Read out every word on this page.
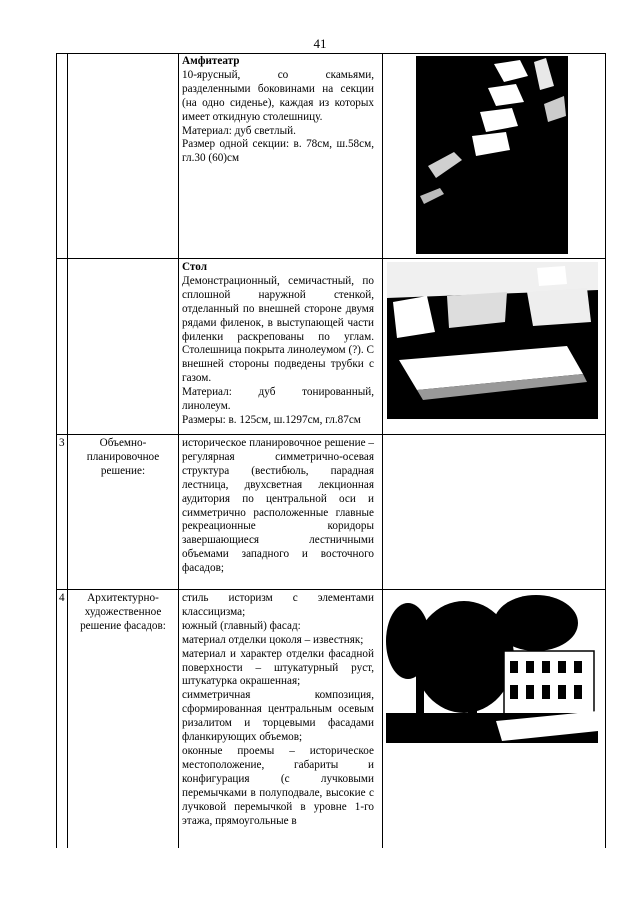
41

Амфитеатр

10-ярусный, со скамьями, разделенными боковинами на секции (на одно сиденье), каждая из которых имеет откидную столешницу.

Материал: дуб светлый.

Размер одной секции: в. 78см, ш.58см, гл.30 (60)см

Стол

Демонстрационный, семичастный, по сплошной наружной стенкой, отделанный по внешней стороне двумя рядами филенок, в выступающей части филенки раскрепованы по углам. Столешница покрыта линолеумом (?). С внешней стороны подведены трубки с газом.

Материал: дуб тонированный, линолеум.

Размеры: в. 125см, ш.1297см, гл.87см

3	Объемно-планировочное решение:

историческое планировочное решение – регулярная симметрично-осевая структура (вестибюль, парадная лестница, двухсветная лекционная аудитория по центральной оси и симметрично расположенные главные рекреационные коридоры завершающиеся лестничными объемами западного и восточного фасадов;

4	Архитектурно-художественное решение фасадов:

стиль историзм с элементами классицизма;

южный (главный) фасад:

материал отделки цоколя – известняк;

материал и характер отделки фасадной поверхности – штукатурный руст, штукатурка окрашенная;

симметричная композиция, сформированная центральным осевым ризалитом и торцевыми фасадами фланкирующих объемов;

оконные проемы – историческое местоположение, габариты и конфигурация (с лучковыми перемычками в полуподвале, высокие с лучковой перемычкой в уровне 1-го этажа, прямоугольные в
